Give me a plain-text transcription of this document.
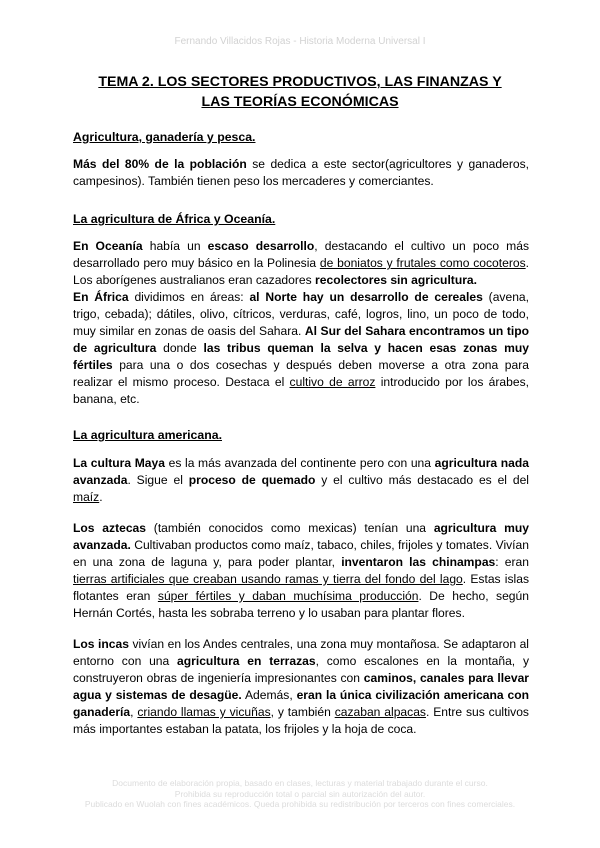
Fernando Villacidos Rojas - Historia Moderna Universal I
TEMA 2. LOS SECTORES PRODUCTIVOS, LAS FINANZAS Y
LAS TEORÍAS ECONÓMICAS
Agricultura, ganadería y pesca.

Más del 80% de la población se dedica a este sector(agricultores y ganaderos, campesinos). También tienen peso los mercaderes y comerciantes.

La agricultura de África y Oceanía.

En Oceanía había un escaso desarrollo, destacando el cultivo un poco más desarrollado pero muy básico en la Polinesia de boniatos y frutales como cocoteros. Los aborígenes australianos eran cazadores recolectores sin agricultura.

En África dividimos en áreas: al Norte hay un desarrollo de cereales (avena, trigo, cebada); dátiles, olivo, cítricos, verduras, café, logros, lino, un poco de todo, muy similar en zonas de oasis del Sahara. Al Sur del Sahara encontramos un tipo de agricultura donde las tribus queman la selva y hacen esas zonas muy fértiles para una o dos cosechas y después deben moverse a otra zona para realizar el mismo proceso. Destaca el cultivo de arroz introducido por los árabes, banana, etc.

La agricultura americana.

La cultura Maya es la más avanzada del continente pero con una agricultura nada avanzada. Sigue el proceso de quemado y el cultivo más destacado es el del maíz.

Los aztecas (también conocidos como mexicas) tenían una agricultura muy avanzada. Cultivaban productos como maíz, tabaco, chiles, frijoles y tomates. Vivían en una zona de laguna y, para poder plantar, inventaron las chinampas: eran tierras artificiales que creaban usando ramas y tierra del fondo del lago. Estas islas flotantes eran súper fértiles y daban muchísima producción. De hecho, según Hernán Cortés, hasta les sobraba terreno y lo usaban para plantar flores.

Los incas vivían en los Andes centrales, una zona muy montañosa. Se adaptaron al entorno con una agricultura en terrazas, como escalones en la montaña, y construyeron obras de ingeniería impresionantes con caminos, canales para llevar agua y sistemas de desagüe. Además, eran la única civilización americana con ganadería, criando llamas y vicuñas, y también cazaban alpacas. Entre sus cultivos más importantes estaban la patata, los frijoles y la hoja de coca.

Documento de elaboración propia, basado en clases, lecturas y material trabajado durante el curso.
Prohibida su reproducción total o parcial sin autorización del autor.
Publicado en Wuolah con fines académicos. Queda prohibida su redistribución por terceros con fines comerciales.
